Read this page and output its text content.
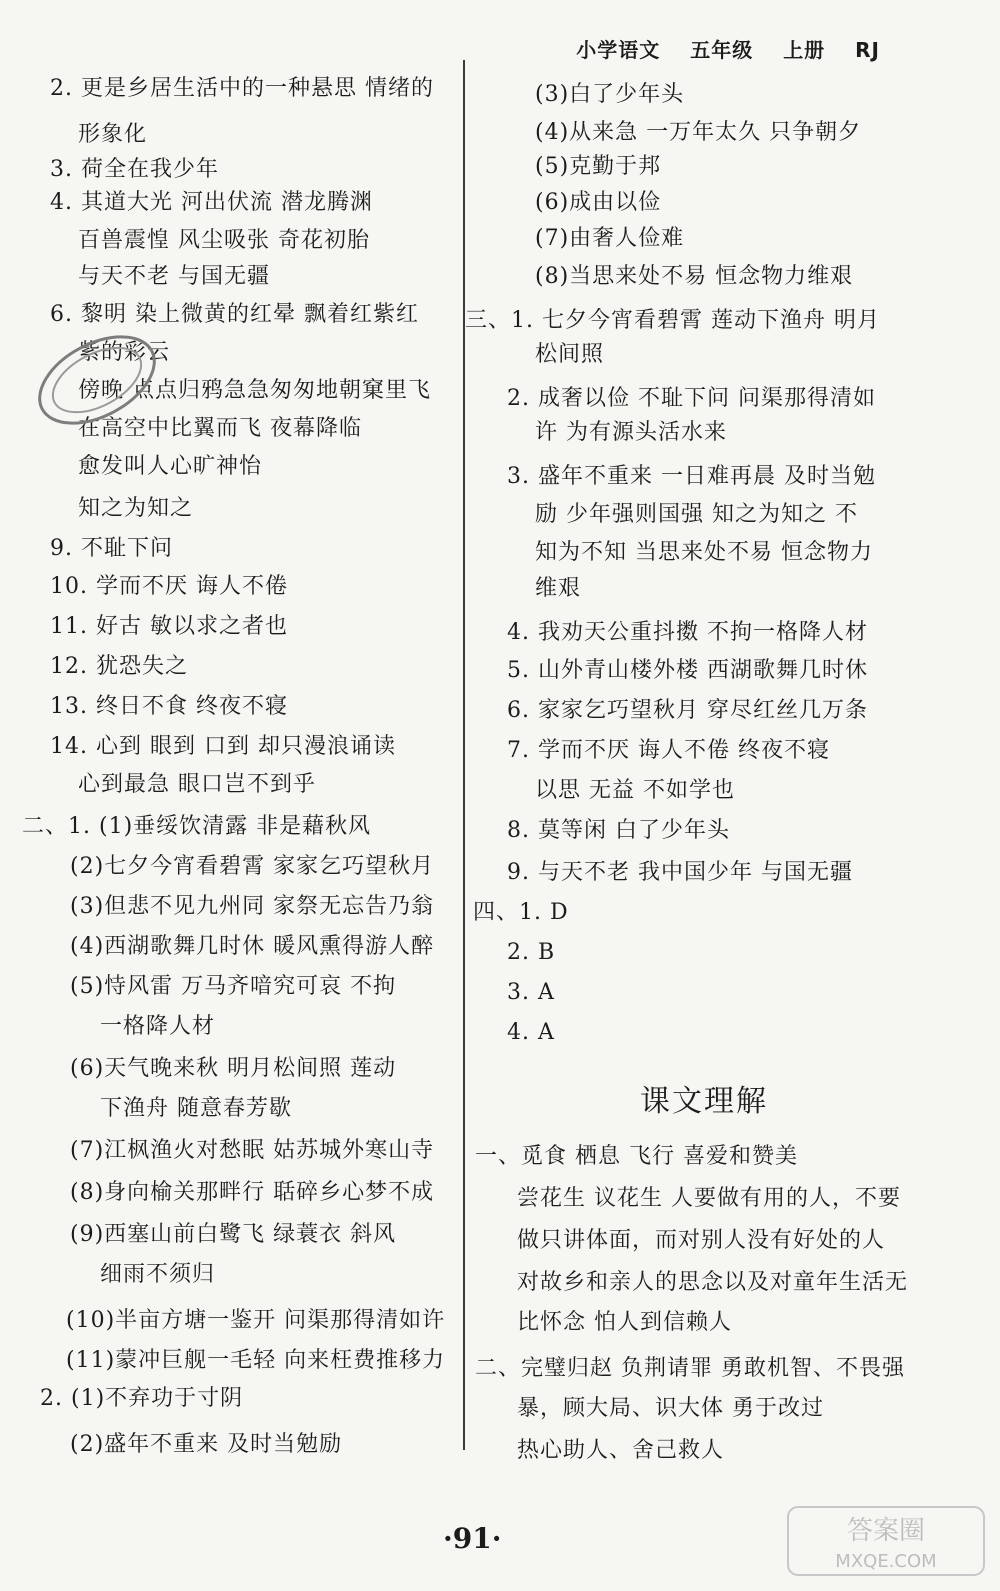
小学语文 五年级 上册 RJ
2. 更是乡居生活中的一种悬思 情绪的
形象化
3. 荷全在我少年
4. 其道大光 河出伏流 潜龙腾渊
百兽震惶 风尘吸张 奇花初胎
与天不老 与国无疆
6. 黎明 染上微黄的红晕 飘着红紫红
紫的彩云
傍晚 点点归鸦急急匆匆地朝窠里飞
在高空中比翼而飞 夜幕降临
愈发叫人心旷神怡
知之为知之
9. 不耻下问
10. 学而不厌 诲人不倦
11. 好古 敏以求之者也
12. 犹恐失之
13. 终日不食 终夜不寝
14. 心到 眼到 口到 却只漫浪诵读
心到最急 眼口岂不到乎
二、1. (1)垂绥饮清露 非是藉秋风
(2)七夕今宵看碧霄 家家乞巧望秋月
(3)但悲不见九州同 家祭无忘告乃翁
(4)西湖歌舞几时休 暖风熏得游人醉
(5)恃风雷 万马齐喑究可哀 不拘
一格降人材
(6)天气晚来秋 明月松间照 莲动
下渔舟 随意春芳歇
(7)江枫渔火对愁眠 姑苏城外寒山寺
(8)身向榆关那畔行 聒碎乡心梦不成
(9)西塞山前白鹭飞 绿蓑衣 斜风
细雨不须归
(10)半亩方塘一鉴开 问渠那得清如许
(11)蒙冲巨舰一毛轻 向来枉费推移力
2. (1)不弃功于寸阴
(2)盛年不重来 及时当勉励
(3)白了少年头
(4)从来急 一万年太久 只争朝夕
(5)克勤于邦
(6)成由以俭
(7)由奢人俭难
(8)当思来处不易 恒念物力维艰
三、1. 七夕今宵看碧霄 莲动下渔舟 明月
松间照
2. 成奢以俭 不耻下问 问渠那得清如
许 为有源头活水来
3. 盛年不重来 一日难再晨 及时当勉
励 少年强则国强 知之为知之 不
知为不知 当思来处不易 恒念物力
维艰
4. 我劝天公重抖擞 不拘一格降人材
5. 山外青山楼外楼 西湖歌舞几时休
6. 家家乞巧望秋月 穿尽红丝几万条
7. 学而不厌 诲人不倦 终夜不寝
以思 无益 不如学也
8. 莫等闲 白了少年头
9. 与天不老 我中国少年 与国无疆
四、1. D
2. B
3. A
4. A
一、觅食 栖息 飞行 喜爱和赞美
尝花生 议花生 人要做有用的人，不要
做只讲体面，而对别人没有好处的人
对故乡和亲人的思念以及对童年生活无
比怀念 怕人到信赖人
二、完璧归赵 负荆请罪 勇敢机智、不畏强
暴，顾大局、识大体 勇于改过
热心助人、舍己救人
课文理解
·91·	答案圈
MXQE.COM
